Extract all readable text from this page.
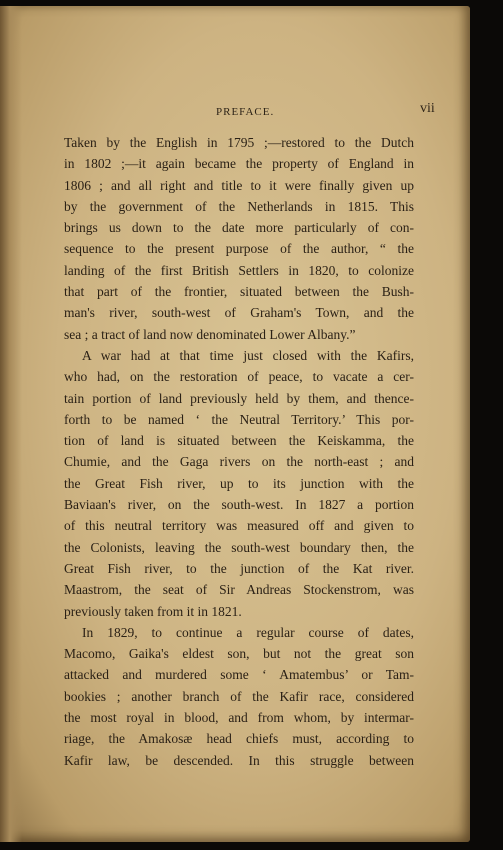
PREFACE.	vii
Taken by the English in 1795 ;—restored to the Dutch
in 1802 ;—it again became the property of England in
1806 ; and all right and title to it were finally given up
by the government of the Netherlands in 1815. This
brings us down to the date more particularly of con-
sequence to the present purpose of the author, “ the
landing of the first British Settlers in 1820, to colonize
that part of the frontier, situated between the Bush-
man's river, south-west of Graham's Town, and the
sea ; a tract of land now denominated Lower Albany.”
A war had at that time just closed with the Kafirs,
who had, on the restoration of peace, to vacate a cer-
tain portion of land previously held by them, and thence-
forth to be named ‘ the Neutral Territory.’ This por-
tion of land is situated between the Keiskamma, the
Chumie, and the Gaga rivers on the north-east ; and
the Great Fish river, up to its junction with the
Baviaan's river, on the south-west. In 1827 a portion
of this neutral territory was measured off and given to
the Colonists, leaving the south-west boundary then, the
Great Fish river, to the junction of the Kat river.
Maastrom, the seat of Sir Andreas Stockenstrom, was
previously taken from it in 1821.
In 1829, to continue a regular course of dates,
Macomo, Gaika's eldest son, but not the great son
attacked and murdered some ‘ Amatembus’ or Tam-
bookies ; another branch of the Kafir race, considered
the most royal in blood, and from whom, by intermar-
riage, the Amakosæ head chiefs must, according to
Kafir law, be descended. In this struggle between
